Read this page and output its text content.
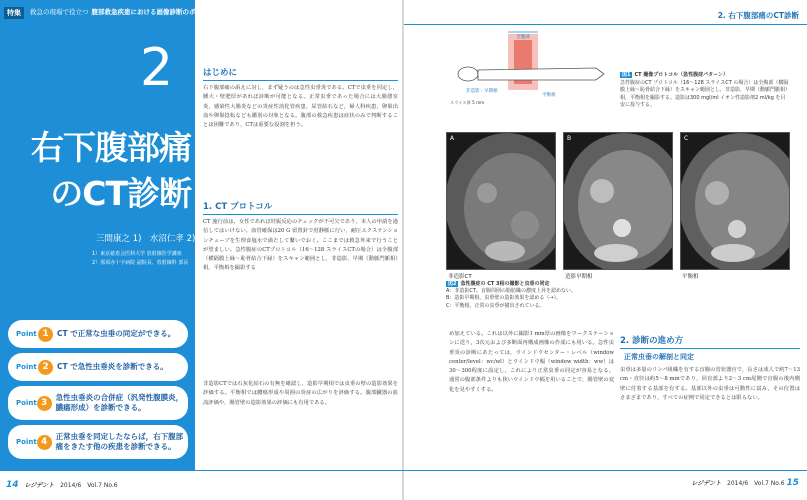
特集	救急の現場で役立つ 腹部救急疾患における画像診断のポイント
2
右下腹部痛のCT診断
三間康之 1)　水沼仁孝 2)
1）東京慈恵会医科大学 放射線医学講座
2）那須赤十字病院 副院長、放射線科 部長
Point 1	CT で正常な虫垂の同定ができる。
Point 2	CT で急性虫垂炎を診断できる。
Point 3
急性虫垂炎の合併症（汎発性腹膜炎，膿瘍形成）を診断できる。
Point 4
正常虫垂を同定したならば，右下腹部痛をきたす他の疾患を診断できる。
はじめに
右下腹部痛の訴えに対し，まず疑うのは急性虫垂炎である。CTで虫垂を同定し，腫大・壁肥厚があれば診断が可能となる。正常虫垂であった場合には大腸憩室炎，感染性大腸炎などの炎症性消化管疾患，尿管結石など，婦人科疾患，卵巣出血や卵巣捻転なども鑑別の対象となる。腹部の救急疾患は症状のみで判断することは困難であり，CTは重要な役割を担う。
1. CT プロトコル
CT 施行前は，女性であれば妊娠反応のチェックが不可欠であり，本人の申請を過信してはいけない。血管確保は20 G 留置針で肘静脈に行い，耐圧エクステンションチューブを生理食塩水で満たして繋いでおく。ここまでは救急外来で行うことが望ましい。急性腹症のCTプロトコル（16〜128 スライスCTの場合）は全腹部（横隔膜上縁〜恥骨結合下縁）をスキャン範囲とし，非造影，早期（動脈門脈相）相，平衡相を撮影する
非造影CTでは石灰化結石の有無を確認し，造影早期相では虫垂の壁の造影効果を評価する。平衡相では膿瘍形成や周囲の炎症の広がりを評価する。腹部臓器の血流評価や，腸管壁の造影効果の評価にも有用である。
14 レジデント 2014/6　Vol.7 No.6
2. 右下腹部痛のCT診断
全腹部
非造影・早期相
平衡相
スライス厚 5 mm
図1 CT 撮像プロトコル（急性腹症パターン）
急性腹症のCT プロトコル（16〜128 スライスCT の場合）は全腹部（横隔膜上縁〜恥骨結合下縁）をスキャン範囲とし，非造影，早期（動脈門脈相）相，平衡相を撮影する。造影は300 mgI/ml イオン性造影剤2 ml/kg を目安に投与する。
A	B	C
非造影CT	造影早期相	平衡相
図2 急性腹症の CT 3相の撮影と虫垂の同定
A：非造影CT。盲腸周囲の脂肪織の濃度上昇を認めない。
B：造影早期相。虫垂壁の造影効果を認める（→）。
C：平衡相。正常の虫垂が描出されている。
め加えている。これは以外に撮影1 mm厚の画像をワークステーションに送り，3次元および多断面再構成画像の作成にも用いる。急性虫垂炎の診断にあたっては，ウインドウセンター・レベル（window center/level：wc/wl）とウインドウ幅（window width：ww）は30〜300程度に設定し，これにより正常虫垂の同定が容易となる。通常の腹部条件よりも狭いウインドウ幅を用いることで，腸管壁の変化を見やすくする。
2. 診断の進め方
正常虫垂の解剖と同定
虫垂は多量のリンパ組織を有する盲腸の管状器官で，長さは成人で約7〜13 cm・直径は約5〜8 mmであり，回盲部より2〜3 cm尾側で盲腸の後内側壁に付着する基部を有する。基部以外の虫垂は可動性に富み，その位置はさまざまであり，すべての症例で同定できるとは限らない。
レジデント 2014/6　Vol.7 No.6 15
